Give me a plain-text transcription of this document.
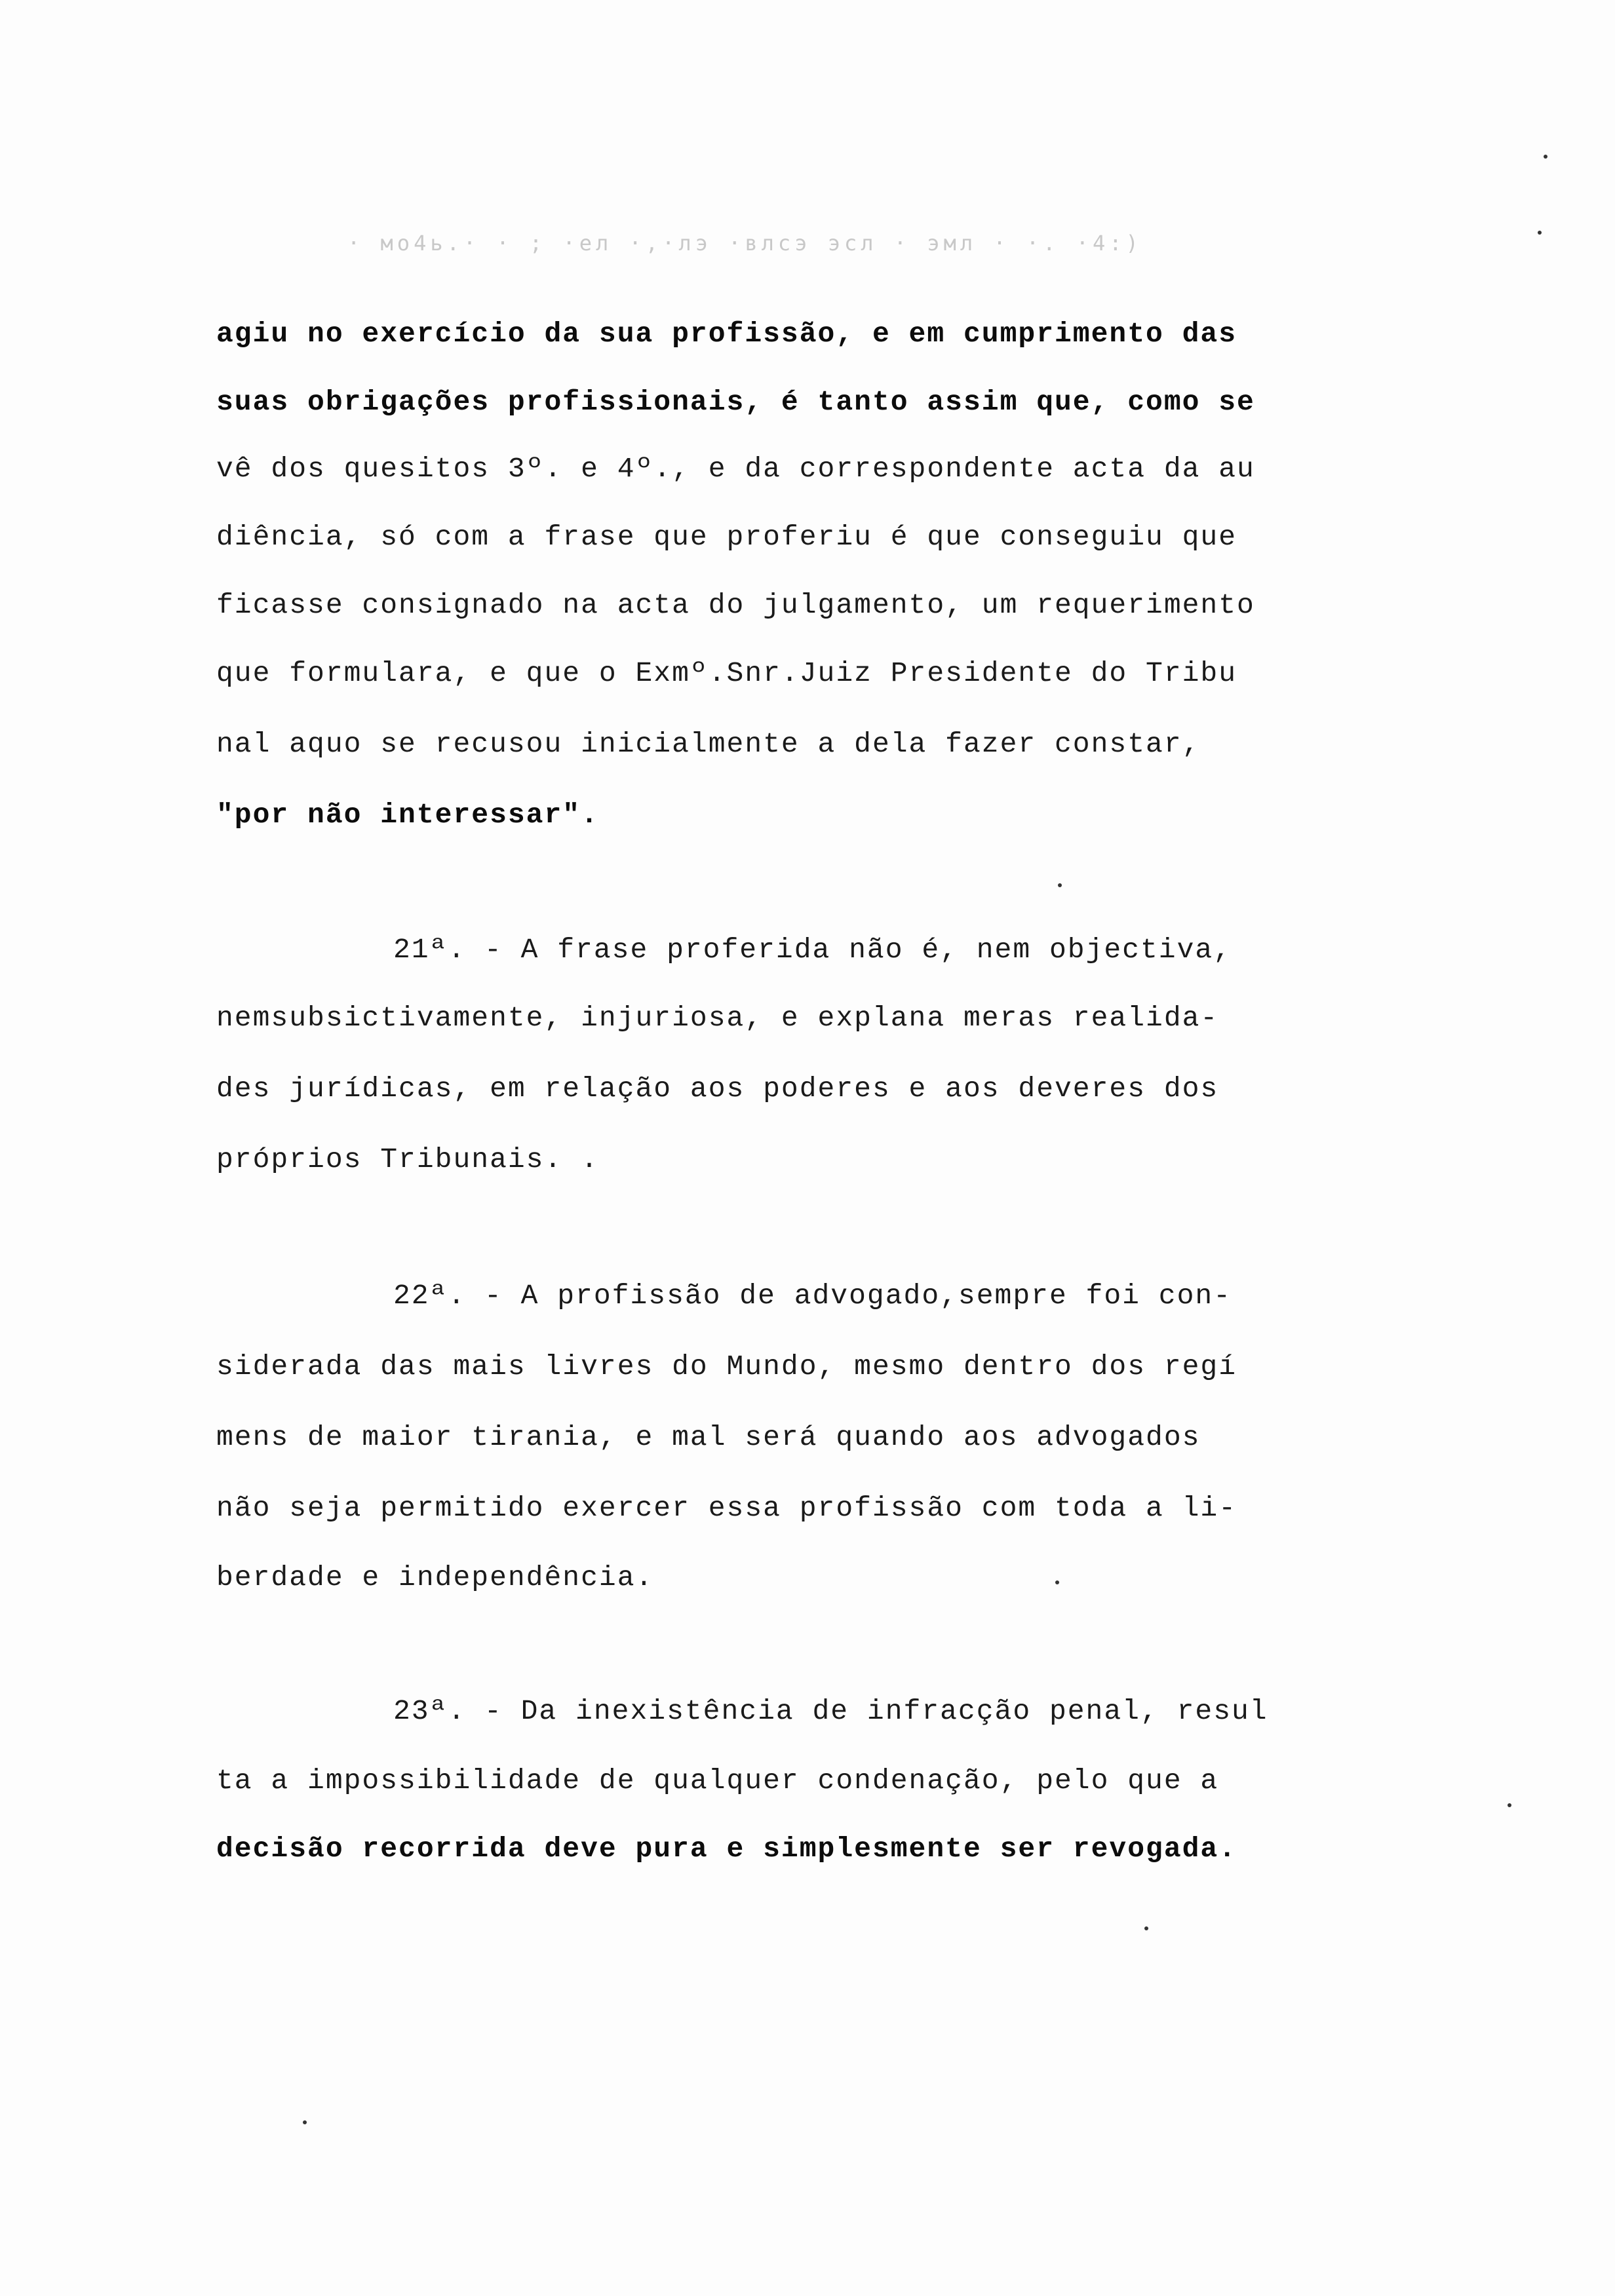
· мо4ь.· · ; ·ел ·,·лэ ·влсэ эсл · эмл · ·. ·4:)
agiu no exercício da sua profissão, e em cumprimento das
suas obrigações profissionais, é tanto assim que, como se
vê dos quesitos 3º. e 4º., e da correspondente acta da au
diência, só com a frase que proferiu é que conseguiu que
ficasse consignado na acta do julgamento, um requerimento
que formulara, e que o Exmº.Snr.Juiz Presidente do Tribu
nal aquo se recusou inicialmente a dela fazer constar,
"por não interessar".
21ª. - A frase proferida não é, nem objectiva,
nemsubsictivamente, injuriosa, e explana meras realida-
des jurídicas, em relação aos poderes e aos deveres dos
próprios Tribunais. .
22ª. - A profissão de advogado,sempre foi con-
siderada das mais livres do Mundo, mesmo dentro dos regí
mens de maior tirania, e mal será quando aos advogados
não seja permitido exercer essa profissão com toda a li-
berdade e independência.
23ª. - Da inexistência de infracção penal, resul
ta a impossibilidade de qualquer condenação, pelo que a
decisão recorrida deve pura e simplesmente ser revogada.
